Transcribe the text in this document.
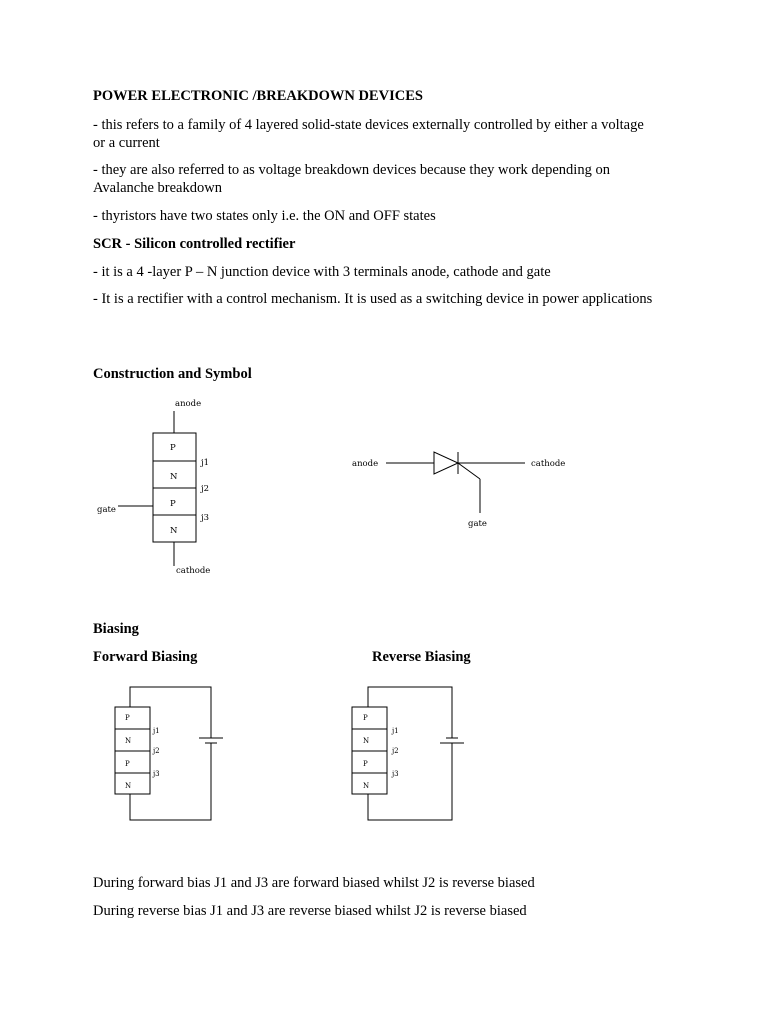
POWER ELECTRONIC /BREAKDOWN DEVICES
- this refers to a family of 4 layered solid-state devices externally controlled by either a voltage or a current
- they are also referred to as voltage breakdown devices because they work depending on Avalanche breakdown
- thyristors have two states only i.e. the ON and OFF states
SCR - Silicon controlled rectifier
- it is a 4 -layer P – N junction device with 3 terminals anode, cathode and gate
- It is a rectifier with a control mechanism. It is used as a switching device in power applications
Construction and Symbol
anode
P
N
P
N
j1
j2
j3
gate
cathode
anode	cathode
gate
P
N
P
N
j1
j2
j3
P
N
P
N
j1
j2
j3
Biasing
Forward Biasing	Reverse Biasing
During forward bias J1 and J3 are forward biased whilst J2 is reverse biased
During reverse bias J1 and J3 are reverse biased whilst J2 is reverse biased
